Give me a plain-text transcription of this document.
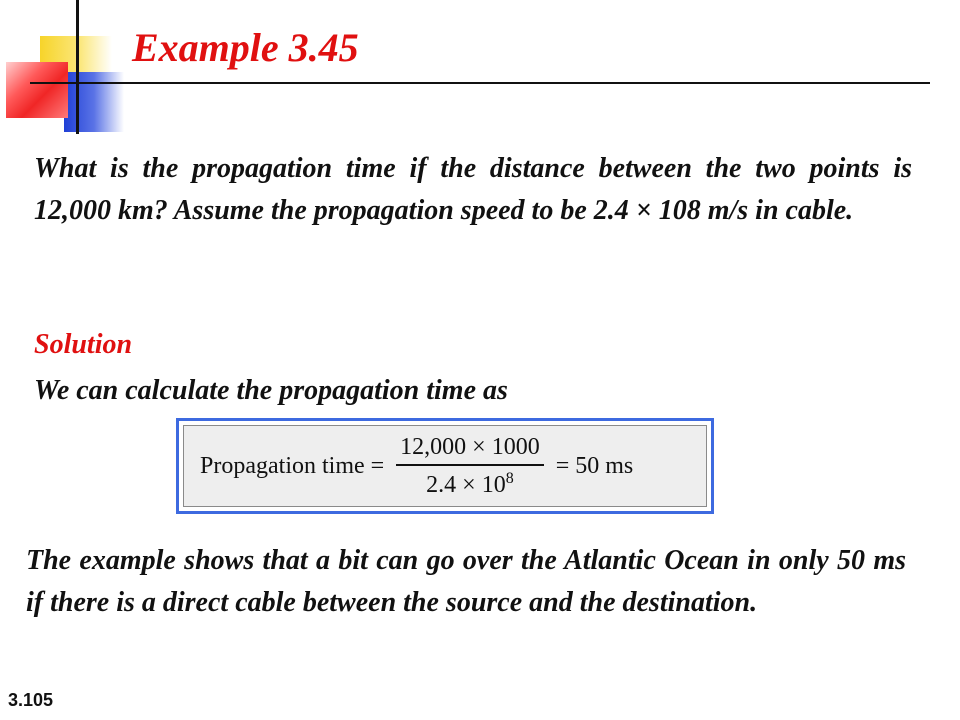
Example 3.45

What is the propagation time if the distance between the two points is 12,000 km? Assume the propagation speed to be 2.4 × 108 m/s in cable.

Solution

We can calculate the propagation time as

Propagation time = $\frac{12,000 \times 1000}{2.4 \times 10^8} = 50$ ms

The example shows that a bit can go over the Atlantic Ocean in only 50 ms if there is a direct cable between the source and the destination.

3.105
